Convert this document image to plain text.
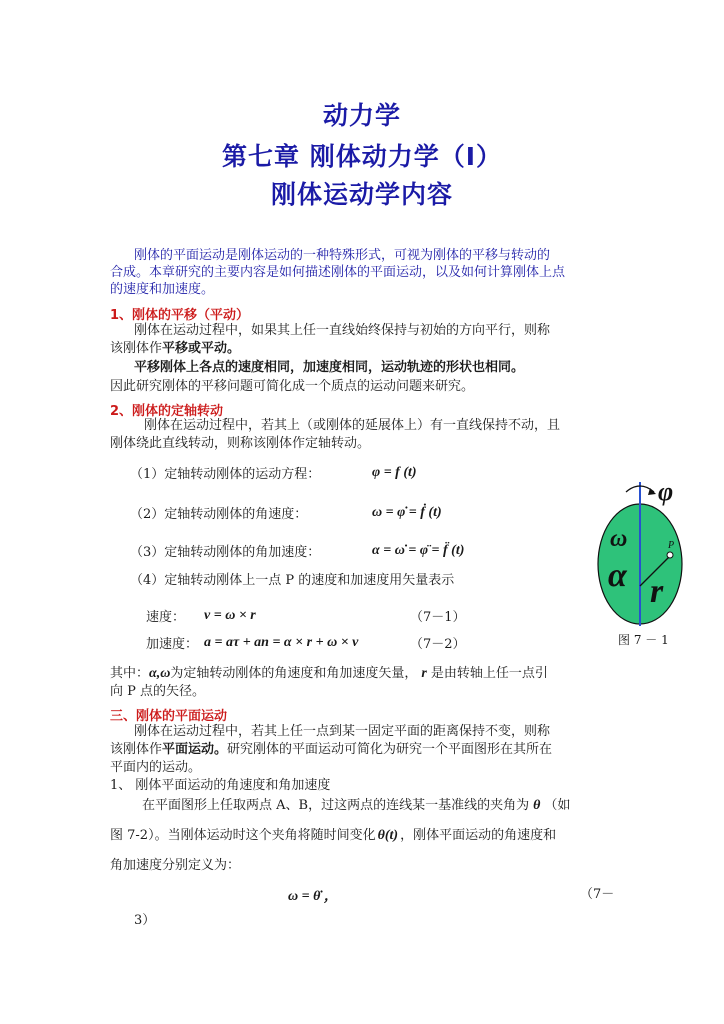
动力学
第七章 刚体动力学（Ⅰ）
刚体运动学内容
刚体的平面运动是刚体运动的一种特殊形式，可视为刚体的平移与转动的
合成。本章研究的主要内容是如何描述刚体的平面运动，以及如何计算刚体上点
的速度和加速度。
1、刚体的平移（平动）
刚体在运动过程中，如果其上任一直线始终保持与初始的方向平行，则称
该刚体作平移或平动。
平移刚体上各点的速度相同，加速度相同，运动轨迹的形状也相同。
因此研究刚体的平移问题可简化成一个质点的运动问题来研究。
2、刚体的定轴转动
刚体在运动过程中，若其上（或刚体的延展体上）有一直线保持不动，且
刚体绕此直线转动，则称该刚体作定轴转动。
（1）定轴转动刚体的运动方程：	φ = f (t)
（2）定轴转动刚体的角速度：	ω = φ̇ = ḟ (t)
（3）定轴转动刚体的角加速度：	α = ω̇ = φ̈ = f̈ (t)
（4）定轴转动刚体上一点 P 的速度和加速度用矢量表示
速度： v = ω × r	（7－1）
加速度： a = aτ + an = α × r + ω × v	（7－2）
其中：α,ω为定轴转动刚体的角速度和角加速度矢量， r 是由转轴上任一点引
向 P 点的矢径。
φ
ω
α r
P
图 7 － 1
三、刚体的平面运动
刚体在运动过程中，若其上任一点到某一固定平面的距离保持不变，则称
该刚体作平面运动。研究刚体的平面运动可简化为研究一个平面图形在其所在
平面内的运动。
1、 刚体平面运动的角速度和角加速度
在平面图形上任取两点 A、B，过这两点的连线某一基准线的夹角为 θ （如
图 7-2）。当刚体运动时这个夹角将随时间变化 θ(t) ，刚体平面运动的角速度和
角加速度分别定义为：
ω = θ̇ ，	（7－
3）
